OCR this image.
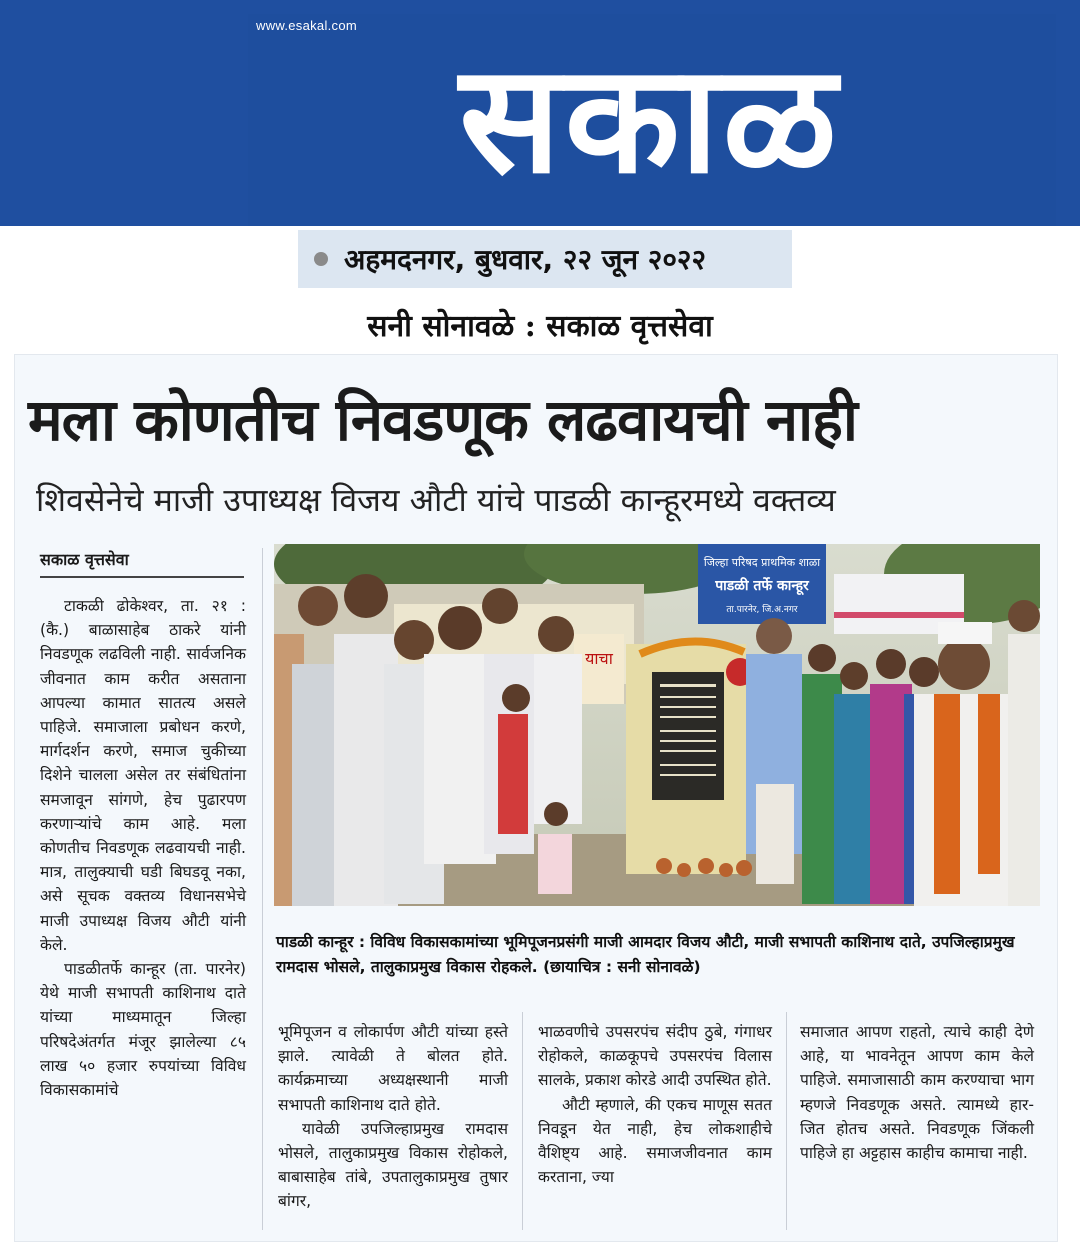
www.esakal.com
सकाळ
अहमदनगर, बुधवार, २२ जून २०२२
सनी सोनावळे : सकाळ वृत्तसेवा
मला कोणतीच निवडणूक लढवायची नाही
शिवसेनेचे माजी उपाध्यक्ष विजय औटी यांचे पाडळी कान्हूरमध्ये वक्तव्य
सकाळ वृत्तसेवा

टाकळी ढोकेश्वर, ता. २१ : (कै.) बाळासाहेब ठाकरे यांनी निवडणूक लढविली नाही. सार्वजनिक जीवनात काम करीत असताना आपल्या कामात सातत्य असले पाहिजे. समाजाला प्रबोधन करणे, मार्गदर्शन करणे, समाज चुकीच्या दिशेने चालला असेल तर संबंधितांना समजावून सांगणे, हेच पुढारपण करणाऱ्यांचे काम आहे. मला कोणतीच निवडणूक लढवायची नाही. मात्र, तालुक्याची घडी बिघडवू नका, असे सूचक वक्तव्य विधानसभेचे माजी उपाध्यक्ष विजय औटी यांनी केले.

पाडळीतर्फे कान्हूर (ता. पारनेर) येथे माजी सभापती काशिनाथ दाते यांच्या माध्यमातून जिल्हा परिषदेअंतर्गत मंजूर झालेल्या ८५ लाख ५० हजार रुपयांच्या विविध विकासकामांचे

जिल्हा परिषद प्राथमिक शाळा
पाडळी तर्फे कान्हूर
ता.पारनेर, जि.अ.नगर
याचा
पाडळी कान्हूर : विविध विकासकामांच्या भूमिपूजनप्रसंगी माजी आमदार विजय औटी, माजी सभापती काशिनाथ दाते, उपजिल्हाप्रमुख रामदास भोसले, तालुकाप्रमुख विकास रोहकले. (छायाचित्र : सनी सोनावळे)

भूमिपूजन व लोकार्पण औटी यांच्या हस्ते झाले. त्यावेळी ते बोलत होते. कार्यक्रमाच्या अध्यक्षस्थानी माजी सभापती काशिनाथ दाते होते.

यावेळी उपजिल्हाप्रमुख रामदास भोसले, तालुकाप्रमुख विकास रोहोकले, बाबासाहेब तांबे, उपतालुकाप्रमुख तुषार बांगर,

भाळवणीचे उपसरपंच संदीप ठुबे, गंगाधर रोहोकले, काळकूपचे उपसरपंच विलास सालके, प्रकाश कोरडे आदी उपस्थित होते.

औटी म्हणाले, की एकच माणूस सतत निवडून येत नाही, हेच लोकशाहीचे वैशिष्ट्य आहे. समाजजीवनात काम करताना, ज्या

समाजात आपण राहतो, त्याचे काही देणे आहे, या भावनेतून आपण काम केले पाहिजे. समाजासाठी काम करण्याचा भाग म्हणजे निवडणूक असते. त्यामध्ये हार-जित होतच असते. निवडणूक जिंकली पाहिजे हा अट्टहास काहीच कामाचा नाही.
